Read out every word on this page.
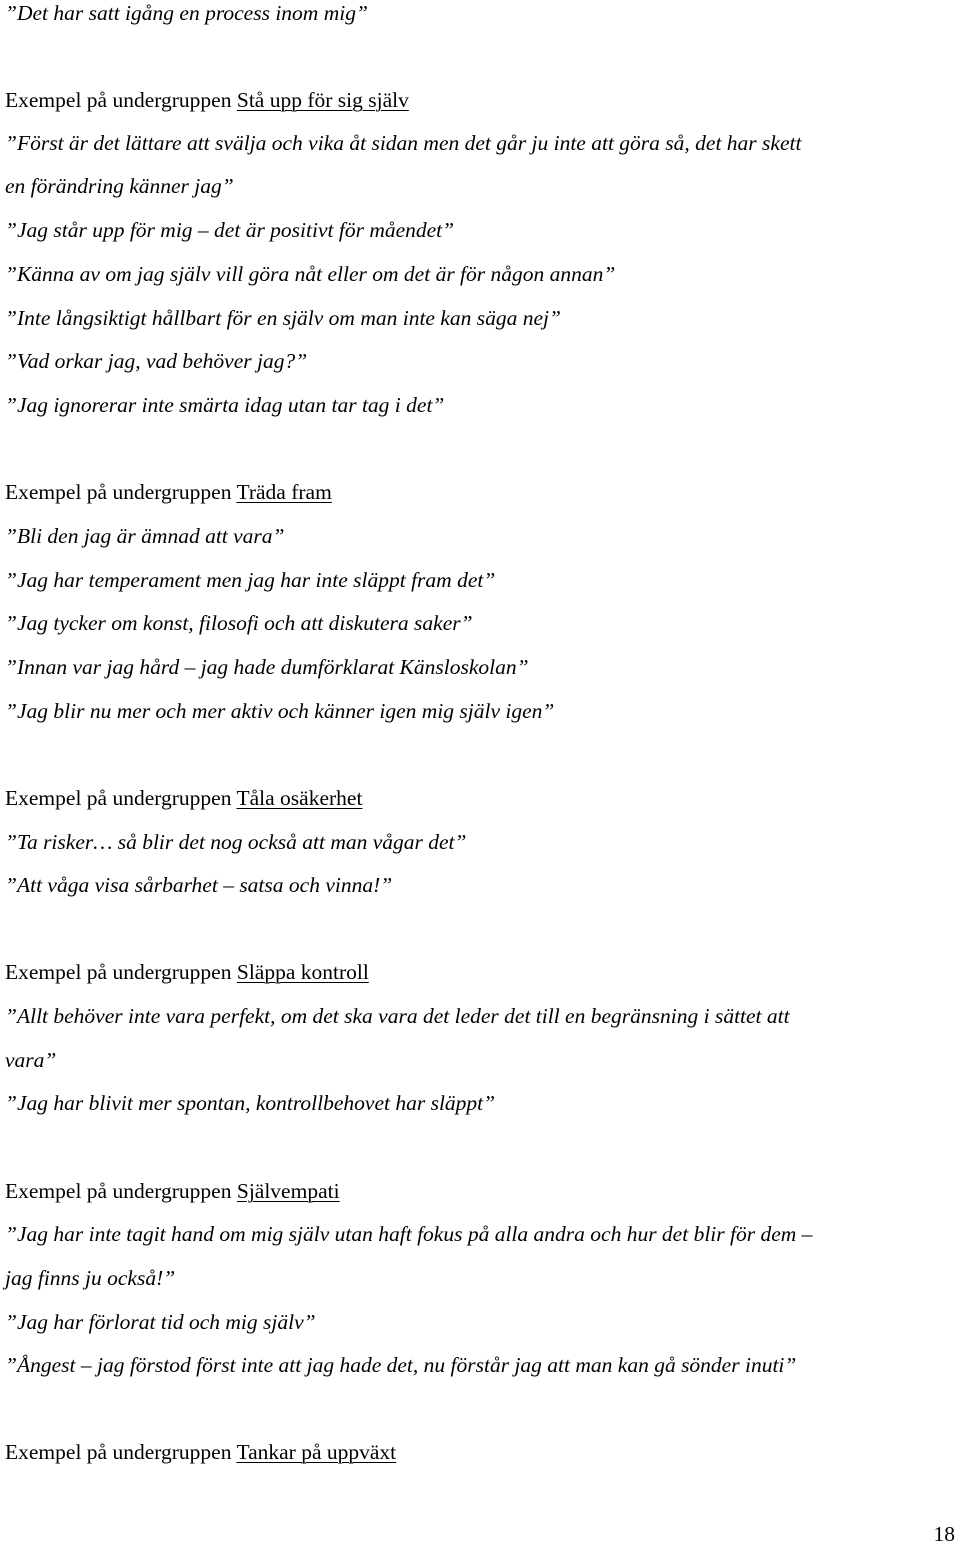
”Det har satt igång en process inom mig”
Exempel på undergruppen Stå upp för sig själv
”Först är det lättare att svälja och vika åt sidan men det går ju inte att göra så, det har skett
en förändring känner jag”
”Jag står upp för mig – det är positivt för måendet”
”Känna av om jag själv vill göra nåt eller om det är för någon annan”
”Inte långsiktigt hållbart för en själv om man inte kan säga nej”
”Vad orkar jag, vad behöver jag?”
”Jag ignorerar inte smärta idag utan tar tag i det”
Exempel på undergruppen Träda fram
”Bli den jag är ämnad att vara”
”Jag har temperament men jag har inte släppt fram det”
”Jag tycker om konst, filosofi och att diskutera saker”
”Innan var jag hård – jag hade dumförklarat Känsloskolan”
”Jag blir nu mer och mer aktiv och känner igen mig själv igen”
Exempel på undergruppen Tåla osäkerhet
”Ta risker… så blir det nog också att man vågar det”
”Att våga visa sårbarhet – satsa och vinna!”
Exempel på undergruppen Släppa kontroll
”Allt behöver inte vara perfekt, om det ska vara det leder det till en begränsning i sättet att
vara”
”Jag har blivit mer spontan, kontrollbehovet har släppt”
Exempel på undergruppen Självempati
”Jag har inte tagit hand om mig själv utan haft fokus på alla andra och hur det blir för dem –
jag finns ju också!”
”Jag har förlorat tid och mig själv”
”Ångest – jag förstod först inte att jag hade det, nu förstår jag att man kan gå sönder inuti”
Exempel på undergruppen Tankar på uppväxt
18
